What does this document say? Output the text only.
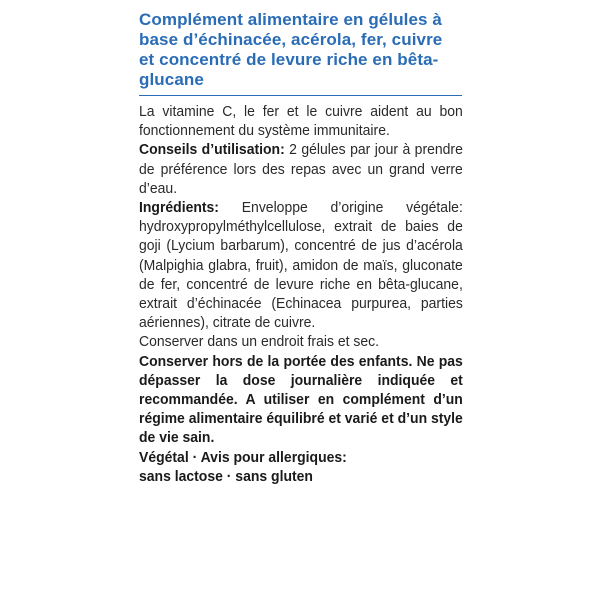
Complément alimentaire en gélules à base d’échinacée, acérola, fer, cuivre et concentré de levure riche en bêta-glucane

La vitamine C, le fer et le cuivre aident au bon fonctionnement du système immunitaire.

Conseils d’utilisation: 2 gélules par jour à prendre de préférence lors des repas avec un grand verre d’eau.

Ingrédients: Enveloppe d’origine végétale: hydroxypropylméthylcellulose, extrait de baies de goji (Lycium barbarum), concentré de jus d’acérola (Malpighia glabra, fruit), amidon de maïs, gluconate de fer, concentré de levure riche en bêta-glucane, extrait d’échinacée (Echinacea purpurea, parties aériennes), citrate de cuivre.

Conserver dans un endroit frais et sec.

Conserver hors de la portée des enfants. Ne pas dépasser la dose journalière indiquée et recommandée. A utiliser en complément d’un régime alimentaire équilibré et varié et d’un style de vie sain.

Végétal · Avis pour allergiques:

sans lactose · sans gluten
